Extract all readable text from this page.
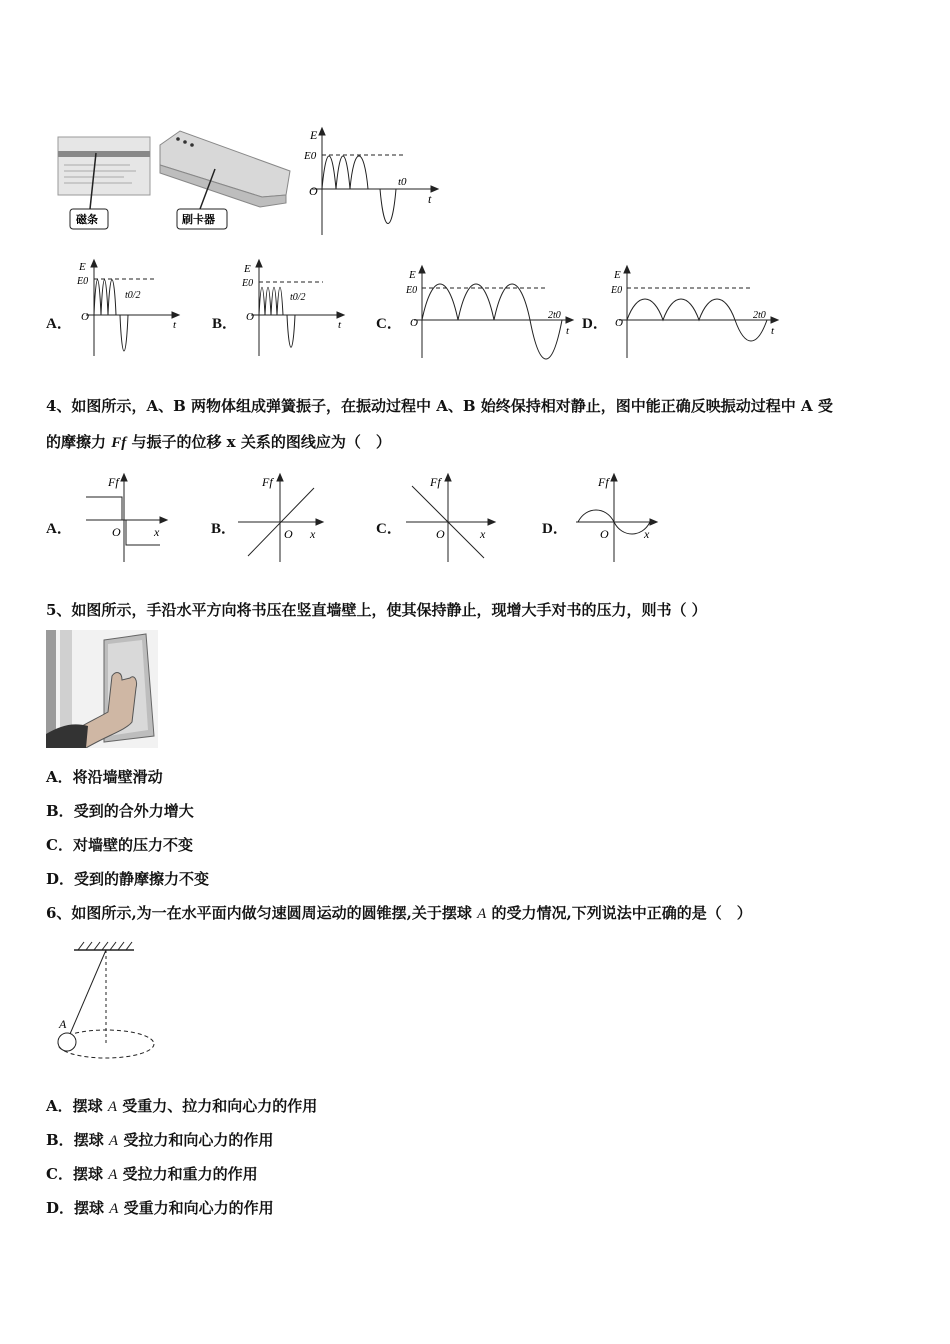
磁条	刷卡器
E
E0
O
t0
t
A．
E
E0
O
t0/2
t B．
E
E0
O
t0/2
t C．
E
E0
O
2t0
t D．
E
E0
O
2t0
t
4、如图所示，A、B 两物体组成弹簧振子，在振动过程中 A、B 始终保持相对静止，图中能正确反映振动过程中 A 受
的摩擦力 Ff 与振子的位移 x 关系的图线应为（　）
A．
Ff
O	x	B．
Ff
O x	C．
Ff
O	x	D．
Ff
O	x
5、如图所示，手沿水平方向将书压在竖直墙壁上，使其保持静止，现增大手对书的压力，则书（ ）
A．将沿墙壁滑动
B．受到的合外力增大
C．对墙壁的压力不变
D．受到的静摩擦力不变
6、如图所示,为一在水平面内做匀速圆周运动的圆锥摆,关于摆球 A 的受力情况,下列说法中正确的是（　）
A
A．摆球 A 受重力、拉力和向心力的作用
B．摆球 A 受拉力和向心力的作用
C．摆球 A 受拉力和重力的作用
D．摆球 A 受重力和向心力的作用
